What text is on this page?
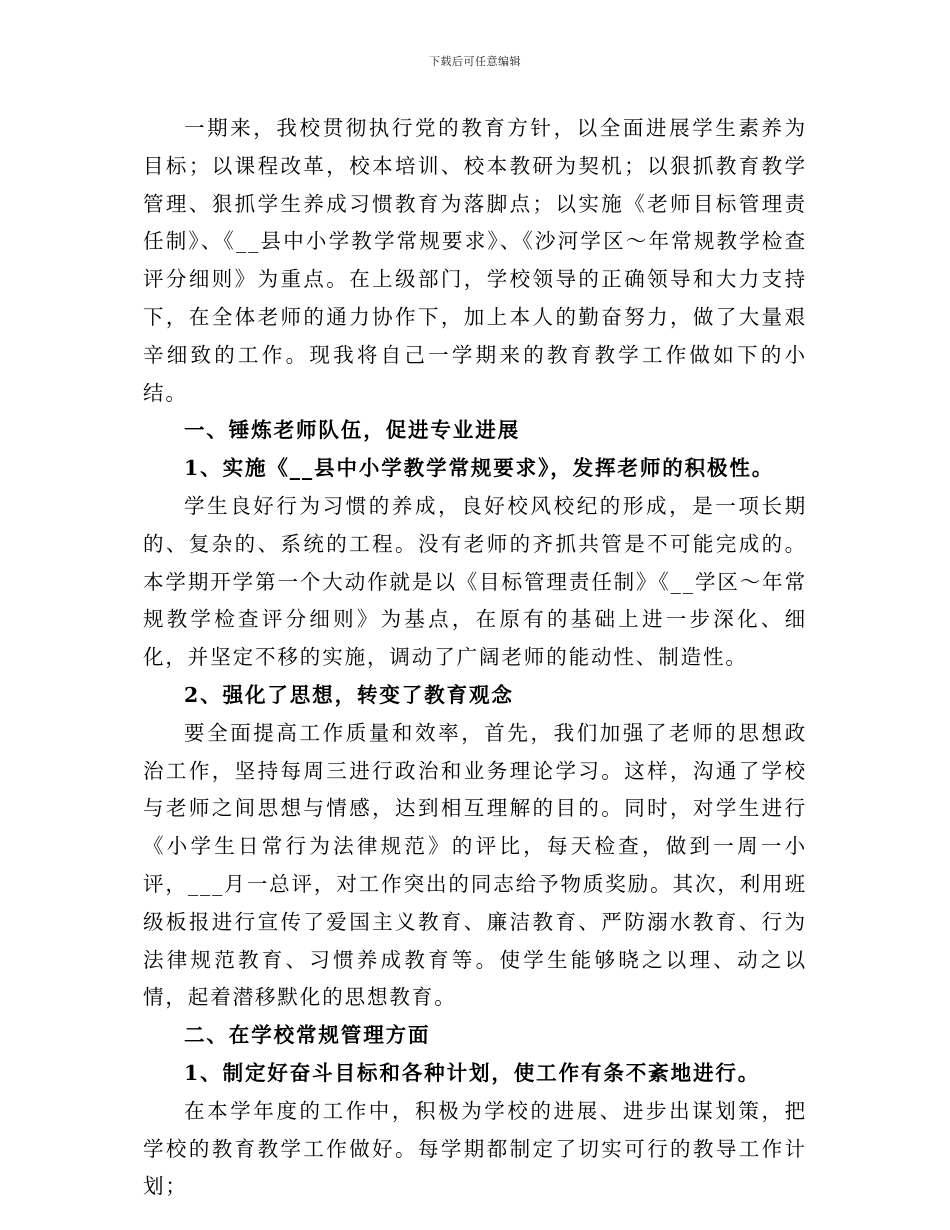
下载后可任意编辑

一期来，我校贯彻执行党的教育方针，以全面进展学生素养为目标；以课程改革，校本培训、校本教研为契机；以狠抓教育教学管理、狠抓学生养成习惯教育为落脚点；以实施《老师目标管理责任制》、《__县中小学教学常规要求》、《沙河学区～年常规教学检查评分细则》为重点。在上级部门，学校领导的正确领导和大力支持下，在全体老师的通力协作下，加上本人的勤奋努力，做了大量艰辛细致的工作。现我将自己一学期来的教育教学工作做如下的小结。

一、锤炼老师队伍，促进专业进展

1、实施《__县中小学教学常规要求》，发挥老师的积极性。

学生良好行为习惯的养成，良好校风校纪的形成，是一项长期的、复杂的、系统的工程。没有老师的齐抓共管是不可能完成的。本学期开学第一个大动作就是以《目标管理责任制》《__学区～年常规教学检查评分细则》为基点，在原有的基础上进一步深化、细化，并坚定不移的实施，调动了广阔老师的能动性、制造性。

2、强化了思想，转变了教育观念

要全面提高工作质量和效率，首先，我们加强了老师的思想政治工作，坚持每周三进行政治和业务理论学习。这样，沟通了学校与老师之间思想与情感，达到相互理解的目的。同时，对学生进行《小学生日常行为法律规范》的评比，每天检查，做到一周一小评，___月一总评，对工作突出的同志给予物质奖励。其次，利用班级板报进行宣传了爱国主义教育、廉洁教育、严防溺水教育、行为法律规范教育、习惯养成教育等。使学生能够晓之以理、动之以情，起着潜移默化的思想教育。

二、在学校常规管理方面

1、制定好奋斗目标和各种计划，使工作有条不紊地进行。

在本学年度的工作中，积极为学校的进展、进步出谋划策，把学校的教育教学工作做好。每学期都制定了切实可行的教导工作计划；
